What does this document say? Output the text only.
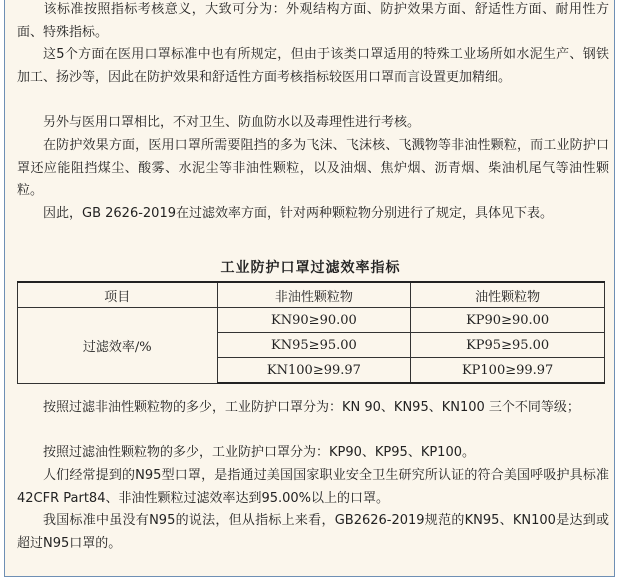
该标准按照指标考核意义，大致可分为：外观结构方面、防护效果方面、舒适性方面、耐用性方面、特殊指标。

这5个方面在医用口罩标准中也有所规定，但由于该类口罩适用的特殊工业场所如水泥生产、钢铁加工、扬沙等，因此在防护效果和舒适性方面考核指标较医用口罩而言设置更加精细。

另外与医用口罩相比，不对卫生、防血防水以及毒理性进行考核。

在防护效果方面，医用口罩所需要阻挡的多为飞沫、飞沫核、飞溅物等非油性颗粒，而工业防护口罩还应能阻挡煤尘、酸雾、水泥尘等非油性颗粒，以及油烟、焦炉烟、沥青烟、柴油机尾气等油性颗粒。

因此，GB 2626-2019在过滤效率方面，针对两种颗粒物分别进行了规定，具体见下表。

工业防护口罩过滤效率指标
项目	非油性颗粒物	油性颗粒物
过滤效率/%	KN90≥90.00	KP90≥90.00
	KN95≥95.00	KP95≥95.00
	KN100≥99.97	KP100≥99.97

按照过滤非油性颗粒物的多少，工业防护口罩分为：KN 90、KN95、KN100 三个不同等级；

按照过滤油性颗粒物的多少，工业防护口罩分为：KP90、KP95、KP100。

人们经常提到的N95型口罩，是指通过美国国家职业安全卫生研究所认证的符合美国呼吸护具标准42CFR Part84、非油性颗粒过滤效率达到95.00%以上的口罩。

我国标准中虽没有N95的说法，但从指标上来看，GB2626-2019规范的KN95、KN100是达到或超过N95口罩的。
